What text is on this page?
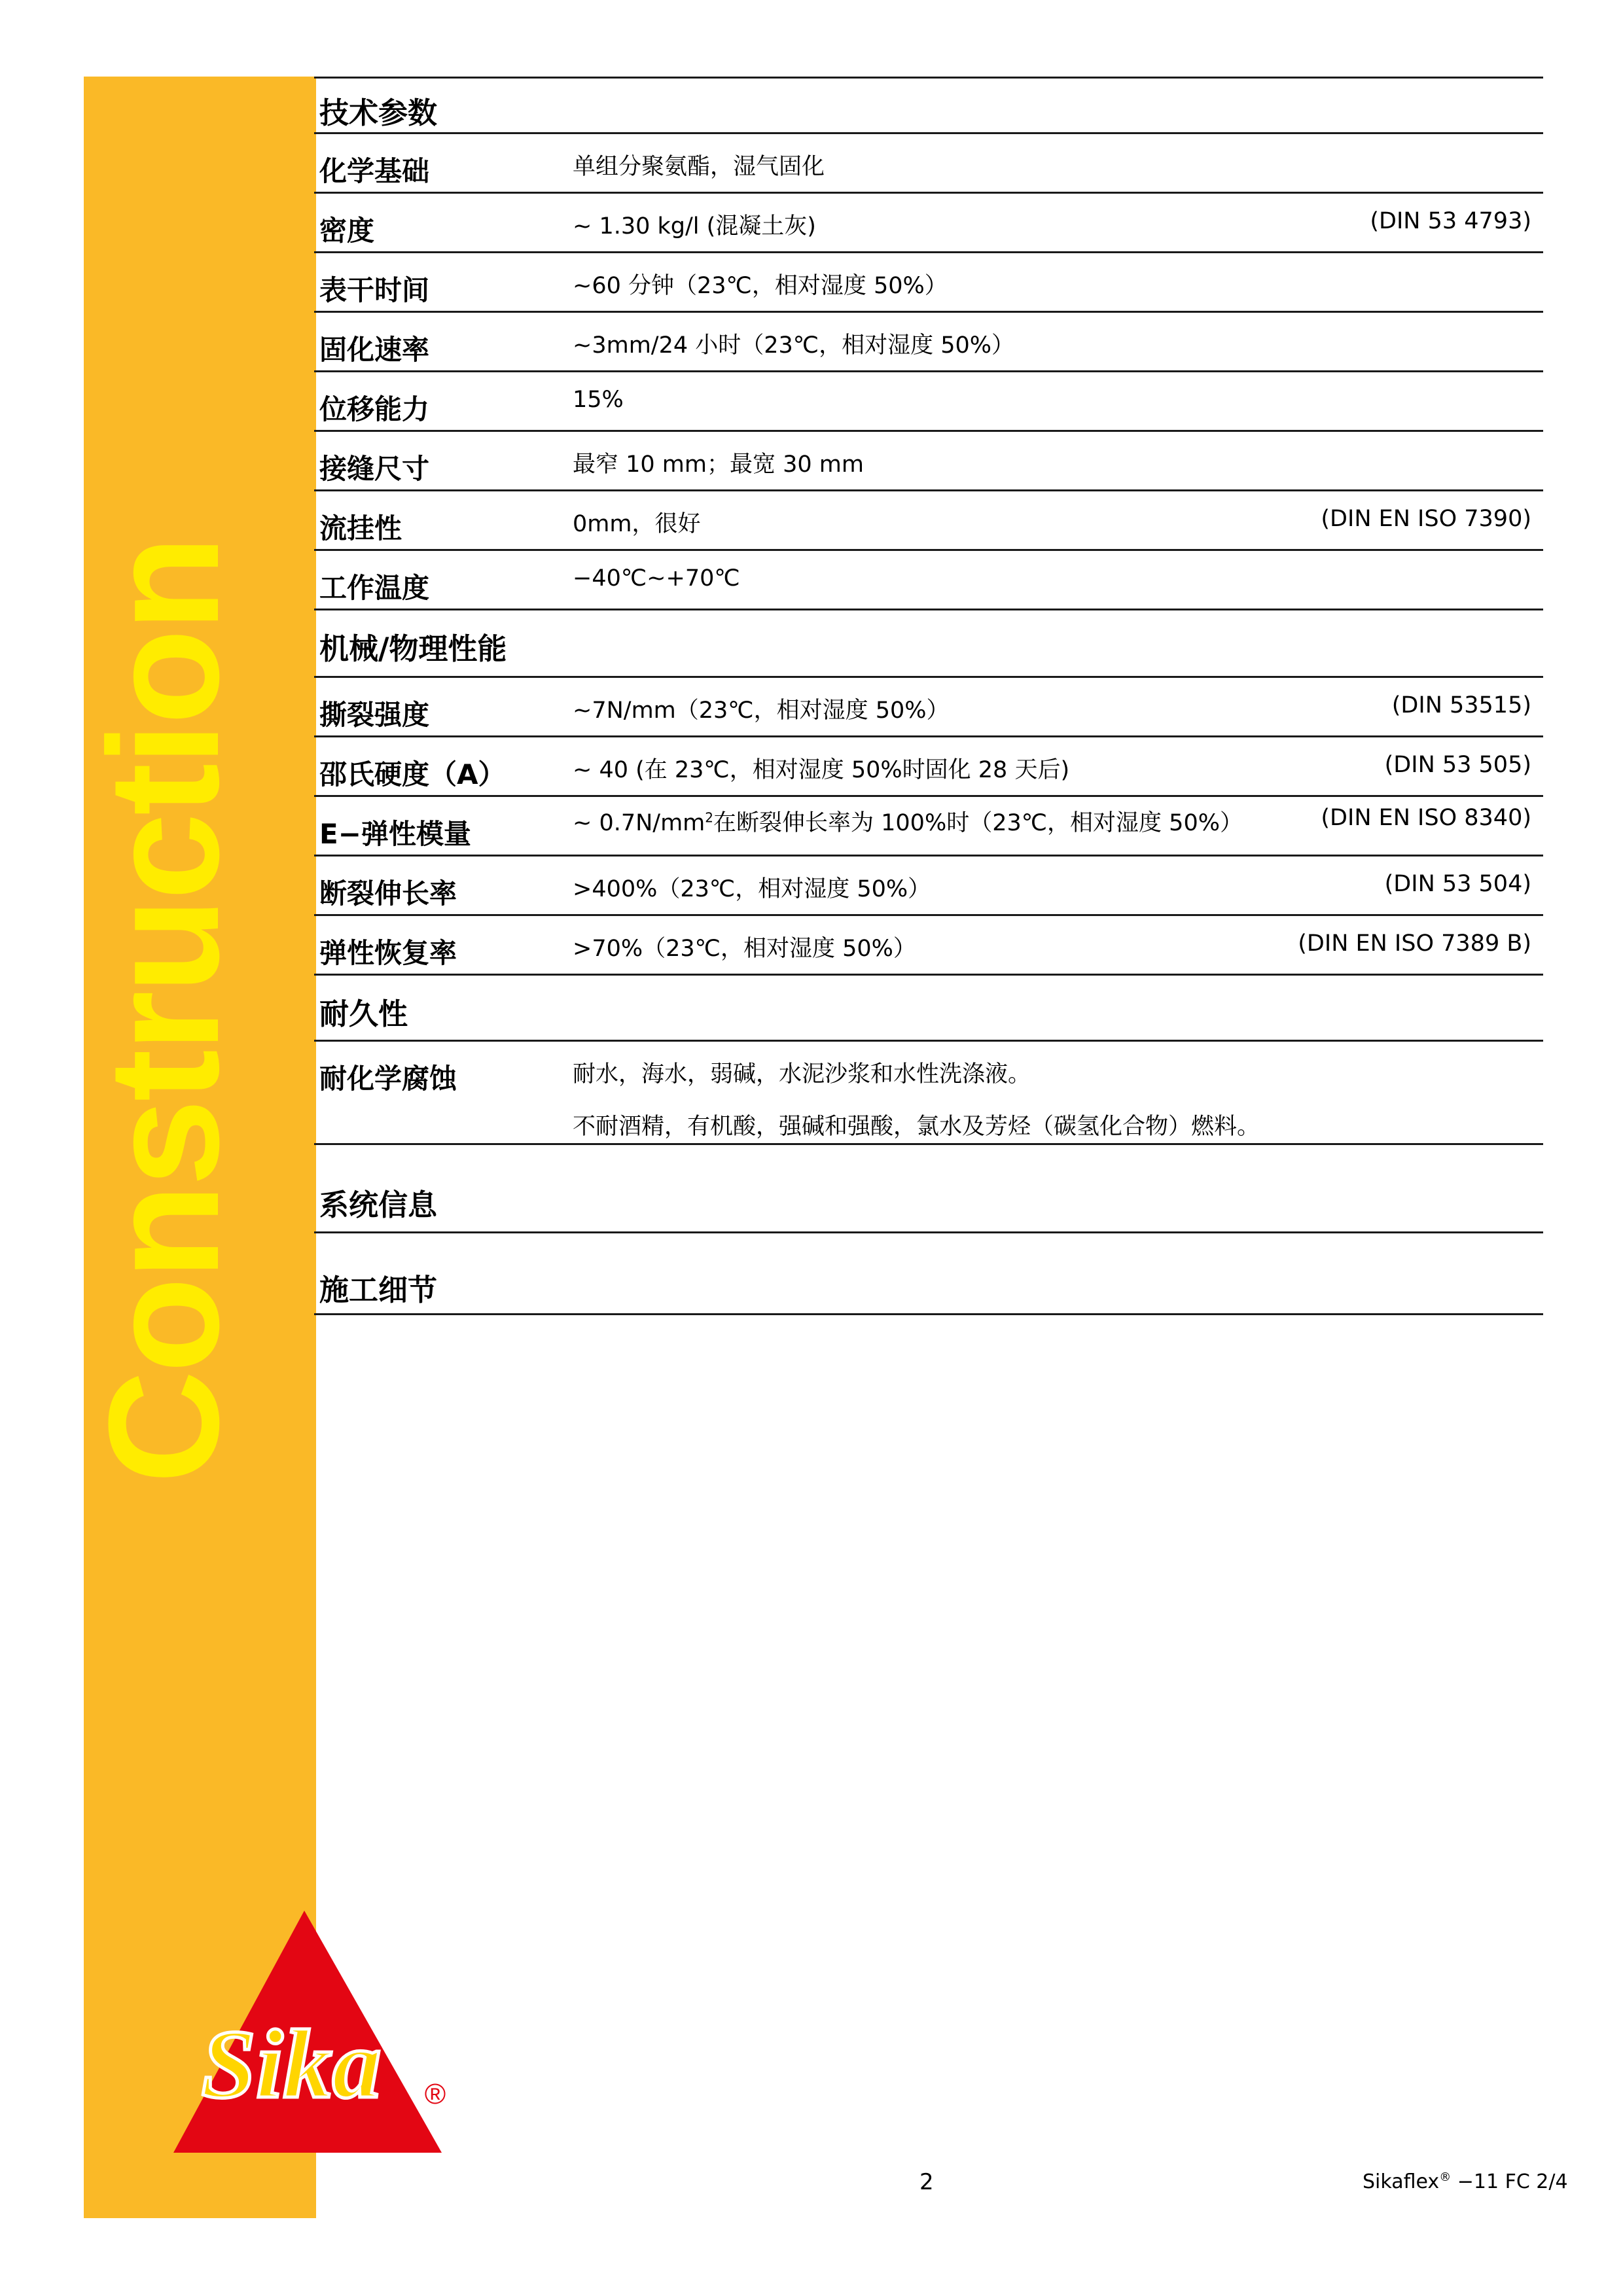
Construction
Sika ®
技术参数
化学基础	单组分聚氨酯，湿气固化
密度	~ 1.30 kg/l (混凝土灰)	(DIN 53 4793)
表干时间	~60 分钟（23℃，相对湿度 50%）
固化速率	~3mm/24 小时（23℃，相对湿度 50%）
位移能力	15%
接缝尺寸	最窄 10 mm；最宽 30 mm
流挂性	0mm，很好	(DIN EN ISO 7390)
工作温度	−40℃~+70℃
机械/物理性能
撕裂强度	~7N/mm（23℃，相对湿度 50%）	(DIN 53515)
邵氏硬度（A）	~ 40 (在 23℃，相对湿度 50%时固化 28 天后)	(DIN 53 505)
E−弹性模量	~ $0.7N/mm^2$在断裂伸长率为 100%时（23℃，相对湿度 50%）	(DIN EN ISO 8340)
断裂伸长率	>400%（23℃，相对湿度 50%）	(DIN 53 504)
弹性恢复率	>70%（23℃，相对湿度 50%）	(DIN EN ISO 7389 B)
耐久性
耐化学腐蚀	耐水，海水，弱碱，水泥沙浆和水性洗涤液。
不耐酒精，有机酸，强碱和强酸，氯水及芳烃（碳氢化合物）燃料。
系统信息
施工细节
2	Sikaflex® −11 FC 2/4
